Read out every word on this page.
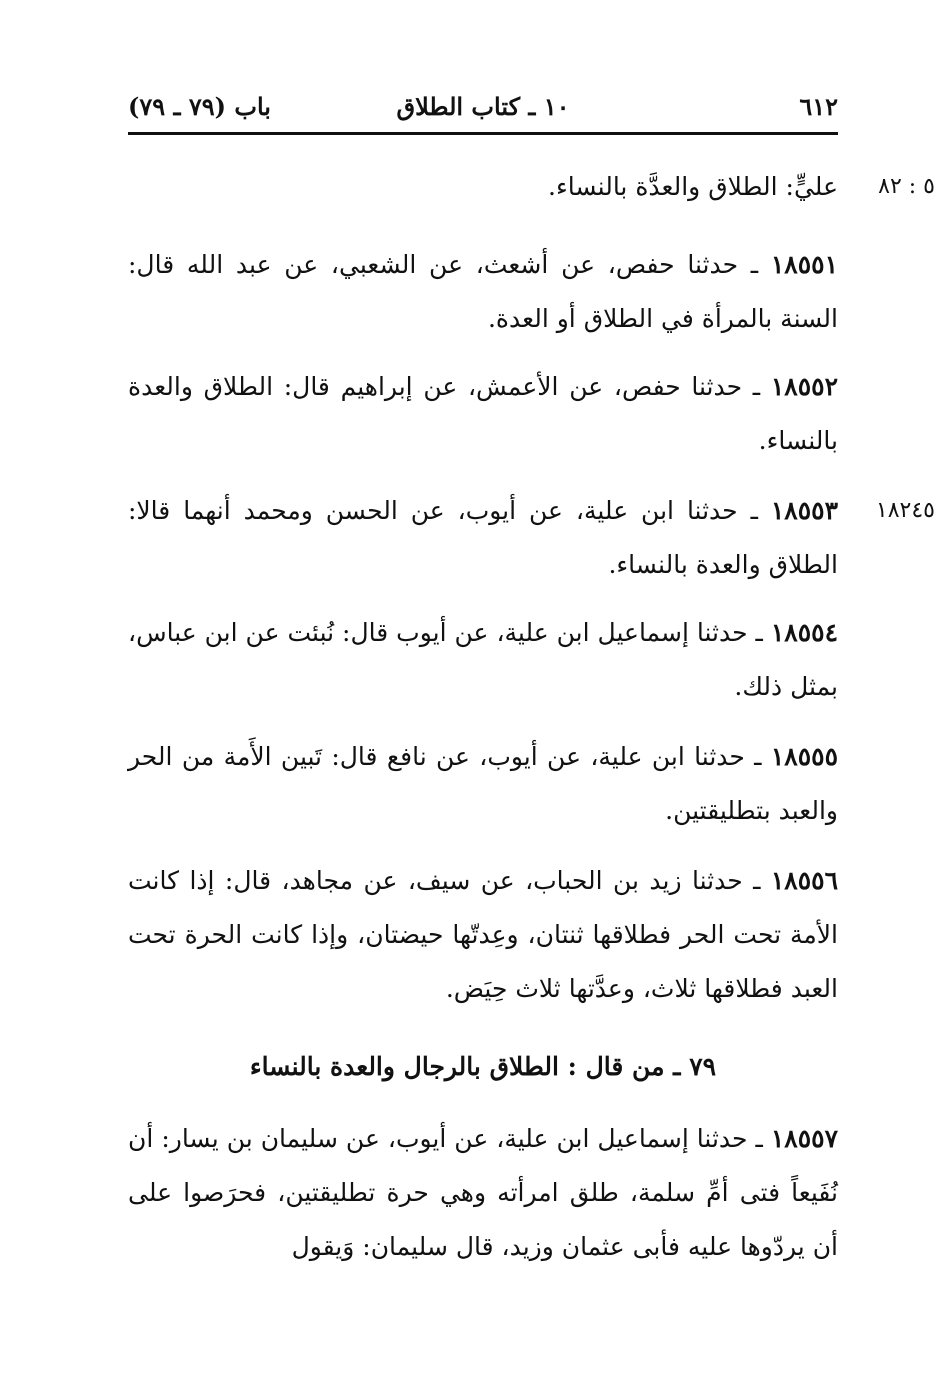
٦١٢
١٠ ـ كتاب الطلاق
باب (٧٩ ـ ٧٩)
٥ : ٨٢

عليٍّ: الطلاق والعدَّة بالنساء.

١٨٥٥١ ـ حدثنا حفص، عن أشعث، عن الشعبي، عن عبد الله قال: السنة بالمرأة في الطلاق أو العدة.

١٨٥٥٢ ـ حدثنا حفص، عن الأعمش، عن إبراهيم قال: الطلاق والعدة بالنساء.

١٨٢٤٥

١٨٥٥٣ ـ حدثنا ابن علية، عن أيوب، عن الحسن ومحمد أنهما قالا: الطلاق والعدة بالنساء.

١٨٥٥٤ ـ حدثنا إسماعيل ابن علية، عن أيوب قال: نُبئت عن ابن عباس، بمثل ذلك.

١٨٥٥٥ ـ حدثنا ابن علية، عن أيوب، عن نافع قال: تَبين الأَمة من الحر والعبد بتطليقتين.

١٨٥٥٦ ـ حدثنا زيد بن الحباب، عن سيف، عن مجاهد، قال: إذا كانت الأمة تحت الحر فطلاقها ثنتان، وعِدتّها حيضتان، وإذا كانت الحرة تحت العبد فطلاقها ثلاث، وعدَّتها ثلاث حِيَض.

٧٩ ـ من قال : الطلاق بالرجال والعدة بالنساء

١٨٥٥٧ ـ حدثنا إسماعيل ابن علية، عن أيوب، عن سليمان بن يسار: أن نُفَيعاً فتى أمِّ سلمة، طلق امرأته وهي حرة تطليقتين، فحرَصوا على أن يردّوها عليه فأبى عثمان وزيد، قال سليمان: وَيقول
